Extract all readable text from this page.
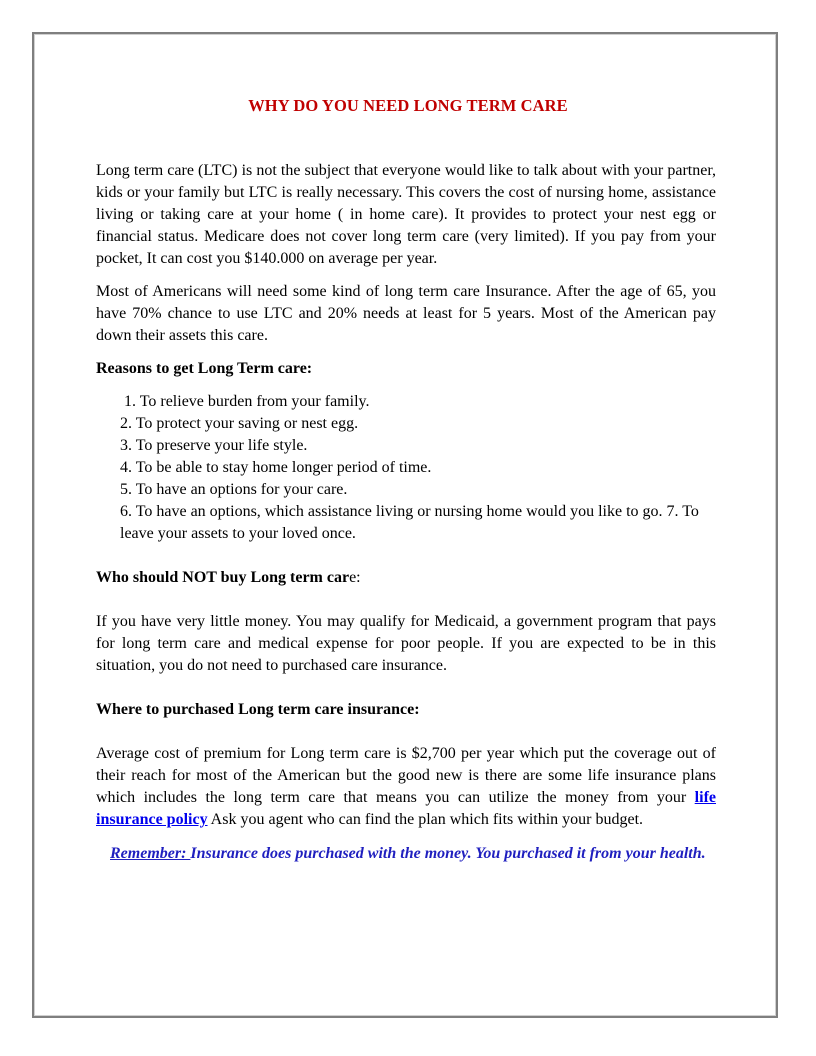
WHY DO YOU NEED LONG TERM CARE

Long term care (LTC) is not the subject that everyone would like to talk about with your partner, kids or your family but LTC is really necessary. This covers the cost of nursing home, assistance living or taking care at your home ( in home care). It provides to protect your nest egg or financial status. Medicare does not cover long term care (very limited). If you pay from your pocket, It can cost you $140.000 on average per year.

Most of Americans will need some kind of long term care Insurance. After the age of 65, you have 70% chance to use LTC and 20% needs at least for 5 years. Most of the American pay down their assets this care.

Reasons to get Long Term care:

1. To relieve burden from your family.
2. To protect your saving or nest egg.
3. To preserve your life style.
4. To be able to stay home longer period of time.
5. To have an options for your care.
6. To have an options, which assistance living or nursing home would you like to go. 7. To leave your assets to your loved once.

Who should NOT buy Long term care:

If you have very little money. You may qualify for Medicaid, a government program that pays for long term care and medical expense for poor people. If you are expected to be in this situation, you do not need to purchased care insurance.

Where to purchased Long term care insurance:

Average cost of premium for Long term care is $2,700 per year which put the coverage out of their reach for most of the American but the good new is there are some life insurance plans which includes the long term care that means you can utilize the money from your life insurance policy Ask you agent who can find the plan which fits within your budget.

Remember: Insurance does purchased with the money. You purchased it from your health.
